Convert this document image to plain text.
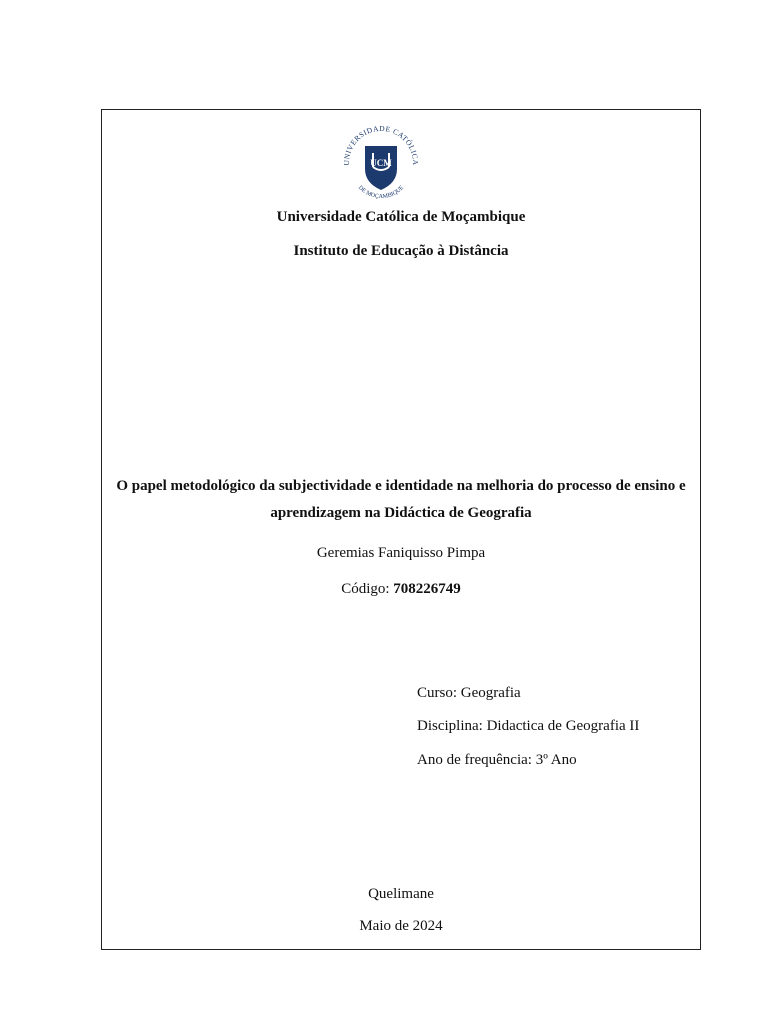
UNIVERSIDADE CATÓLICA
DE MOÇAMBIQUE
UCM
Universidade Católica de Moçambique
Instituto de Educação à Distância
O papel metodológico da subjectividade e identidade na melhoria do processo de ensino e
aprendizagem na Didáctica de Geografia
Geremias Faniquisso Pimpa
Código: 708226749
Curso: Geografia
Disciplina: Didactica de Geografia II
Ano de frequência: 3º Ano
Quelimane
Maio de 2024
